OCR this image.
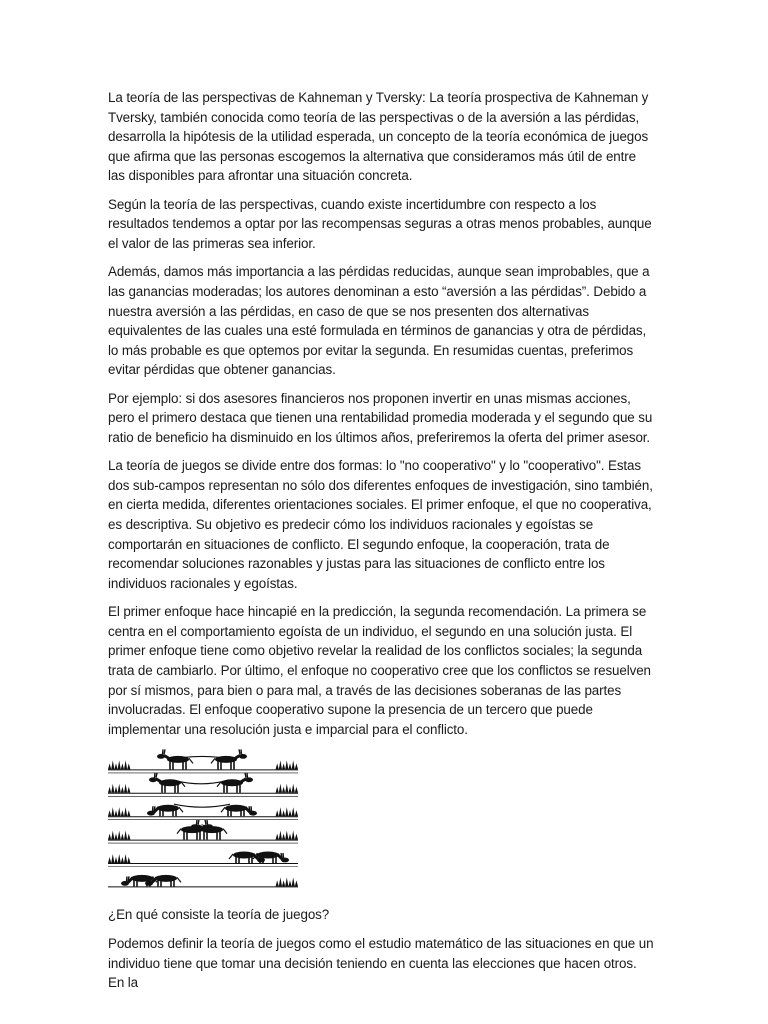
La teoría de las perspectivas de Kahneman y Tversky: La teoría prospectiva de Kahneman y Tversky, también conocida como teoría de las perspectivas o de la aversión a las pérdidas, desarrolla la hipótesis de la utilidad esperada, un concepto de la teoría económica de juegos que afirma que las personas escogemos la alternativa que consideramos más útil de entre las disponibles para afrontar una situación concreta.

Según la teoría de las perspectivas, cuando existe incertidumbre con respecto a los resultados tendemos a optar por las recompensas seguras a otras menos probables, aunque el valor de las primeras sea inferior.

Además, damos más importancia a las pérdidas reducidas, aunque sean improbables, que a las ganancias moderadas; los autores denominan a esto “aversión a las pérdidas”. Debido a nuestra aversión a las pérdidas, en caso de que se nos presenten dos alternativas equivalentes de las cuales una esté formulada en términos de ganancias y otra de pérdidas, lo más probable es que optemos por evitar la segunda. En resumidas cuentas, preferimos evitar pérdidas que obtener ganancias.

Por ejemplo: si dos asesores financieros nos proponen invertir en unas mismas acciones, pero el primero destaca que tienen una rentabilidad promedia moderada y el segundo que su ratio de beneficio ha disminuido en los últimos años, preferiremos la oferta del primer asesor.

La teoría de juegos se divide entre dos formas: lo "no cooperativo" y lo "cooperativo". Estas dos sub-campos representan no sólo dos diferentes enfoques de investigación, sino también, en cierta medida, diferentes orientaciones sociales. El primer enfoque, el que no cooperativa, es descriptiva. Su objetivo es predecir cómo los individuos racionales y egoístas se comportarán en situaciones de conflicto. El segundo enfoque, la cooperación, trata de recomendar soluciones razonables y justas para las situaciones de conflicto entre los individuos racionales y egoístas.

El primer enfoque hace hincapié en la predicción, la segunda recomendación. La primera se centra en el comportamiento egoísta de un individuo, el segundo en una solución justa. El primer enfoque tiene como objetivo revelar la realidad de los conflictos sociales; la segunda trata de cambiarlo. Por último, el enfoque no cooperativo cree que los conflictos se resuelven por sí mismos, para bien o para mal, a través de las decisiones soberanas de las partes involucradas. El enfoque cooperativo supone la presencia de un tercero que puede implementar una resolución justa e imparcial para el conflicto.

?

¿En qué consiste la teoría de juegos?

Podemos definir la teoría de juegos como el estudio matemático de las situaciones en que un individuo tiene que tomar una decisión teniendo en cuenta las elecciones que hacen otros. En la
